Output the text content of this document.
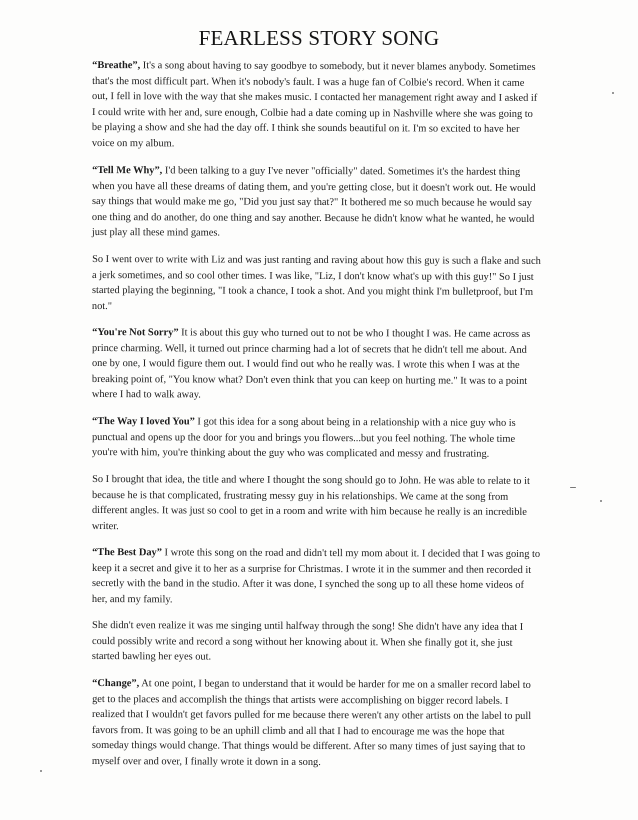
FEARLESS STORY SONG

“Breathe”, It's a song about having to say goodbye to somebody, but it never blames anybody. Sometimes that's the most difficult part. When it's nobody's fault. I was a huge fan of Colbie's record. When it came out, I fell in love with the way that she makes music. I contacted her management right away and I asked if I could write with her and, sure enough, Colbie had a date coming up in Nashville where she was going to be playing a show and she had the day off. I think she sounds beautiful on it. I'm so excited to have her voice on my album.

“Tell Me Why”, I'd been talking to a guy I've never "officially" dated. Sometimes it's the hardest thing when you have all these dreams of dating them, and you're getting close, but it doesn't work out. He would say things that would make me go, "Did you just say that?" It bothered me so much because he would say one thing and do another, do one thing and say another. Because he didn't know what he wanted, he would just play all these mind games.

So I went over to write with Liz and was just ranting and raving about how this guy is such a flake and such a jerk sometimes, and so cool other times. I was like, "Liz, I don't know what's up with this guy!" So I just started playing the beginning, "I took a chance, I took a shot. And you might think I'm bulletproof, but I'm not."

“You're Not Sorry” It is about this guy who turned out to not be who I thought I was. He came across as prince charming. Well, it turned out prince charming had a lot of secrets that he didn't tell me about. And one by one, I would figure them out. I would find out who he really was. I wrote this when I was at the breaking point of, "You know what? Don't even think that you can keep on hurting me." It was to a point where I had to walk away.

“The Way I loved You” I got this idea for a song about being in a relationship with a nice guy who is punctual and opens up the door for you and brings you flowers...but you feel nothing. The whole time you're with him, you're thinking about the guy who was complicated and messy and frustrating.

So I brought that idea, the title and where I thought the song should go to John. He was able to relate to it because he is that complicated, frustrating messy guy in his relationships. We came at the song from different angles. It was just so cool to get in a room and write with him because he really is an incredible writer.

“The Best Day” I wrote this song on the road and didn't tell my mom about it. I decided that I was going to keep it a secret and give it to her as a surprise for Christmas. I wrote it in the summer and then recorded it secretly with the band in the studio. After it was done, I synched the song up to all these home videos of her, and my family.

She didn't even realize it was me singing until halfway through the song! She didn't have any idea that I could possibly write and record a song without her knowing about it. When she finally got it, she just started bawling her eyes out.

“Change”, At one point, I began to understand that it would be harder for me on a smaller record label to get to the places and accomplish the things that artists were accomplishing on bigger record labels. I realized that I wouldn't get favors pulled for me because there weren't any other artists on the label to pull favors from. It was going to be an uphill climb and all that I had to encourage me was the hope that someday things would change. That things would be different. After so many times of just saying that to myself over and over, I finally wrote it down in a song.
